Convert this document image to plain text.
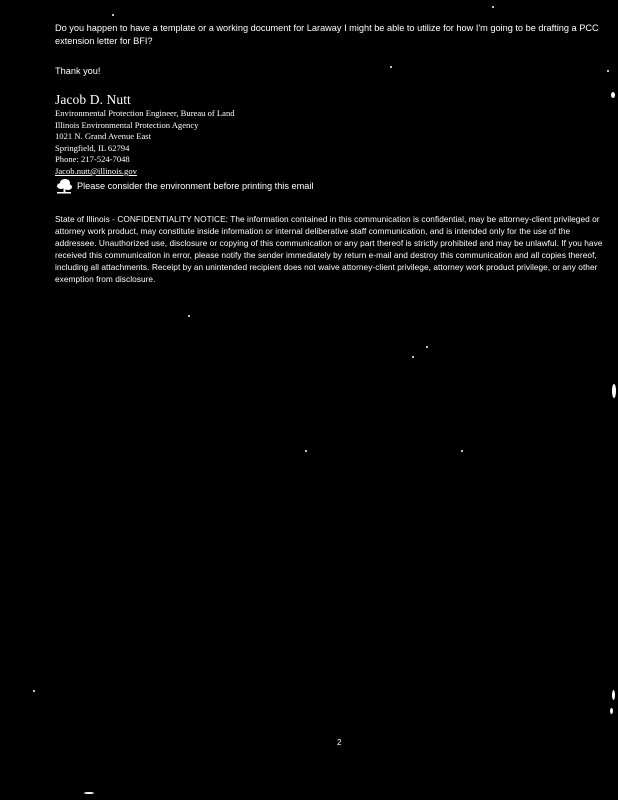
Do you happen to have a template or a working document for Laraway I might be able to utilize for how I'm going to be drafting a PCC extension letter for BFI?

Thank you!
Jacob D. Nutt
Environmental Protection Engineer, Bureau of Land
Illinois Environmental Protection Agency
1021 N. Grand Avenue East
Springfield, IL 62794
Phone: 217-524-7048
Jacob.nutt@illinois.gov
Please consider the environment before printing this email
State of Illinois - CONFIDENTIALITY NOTICE: The information contained in this communication is confidential, may be attorney-client privileged or attorney work product, may constitute inside information or internal deliberative staff communication, and is intended only for the use of the addressee. Unauthorized use, disclosure or copying of this communication or any part thereof is strictly prohibited and may be unlawful. If you have received this communication in error, please notify the sender immediately by return e-mail and destroy this communication and all copies thereof, including all attachments. Receipt by an unintended recipient does not waive attorney-client privilege, attorney work product privilege, or any other exemption from disclosure.
2
